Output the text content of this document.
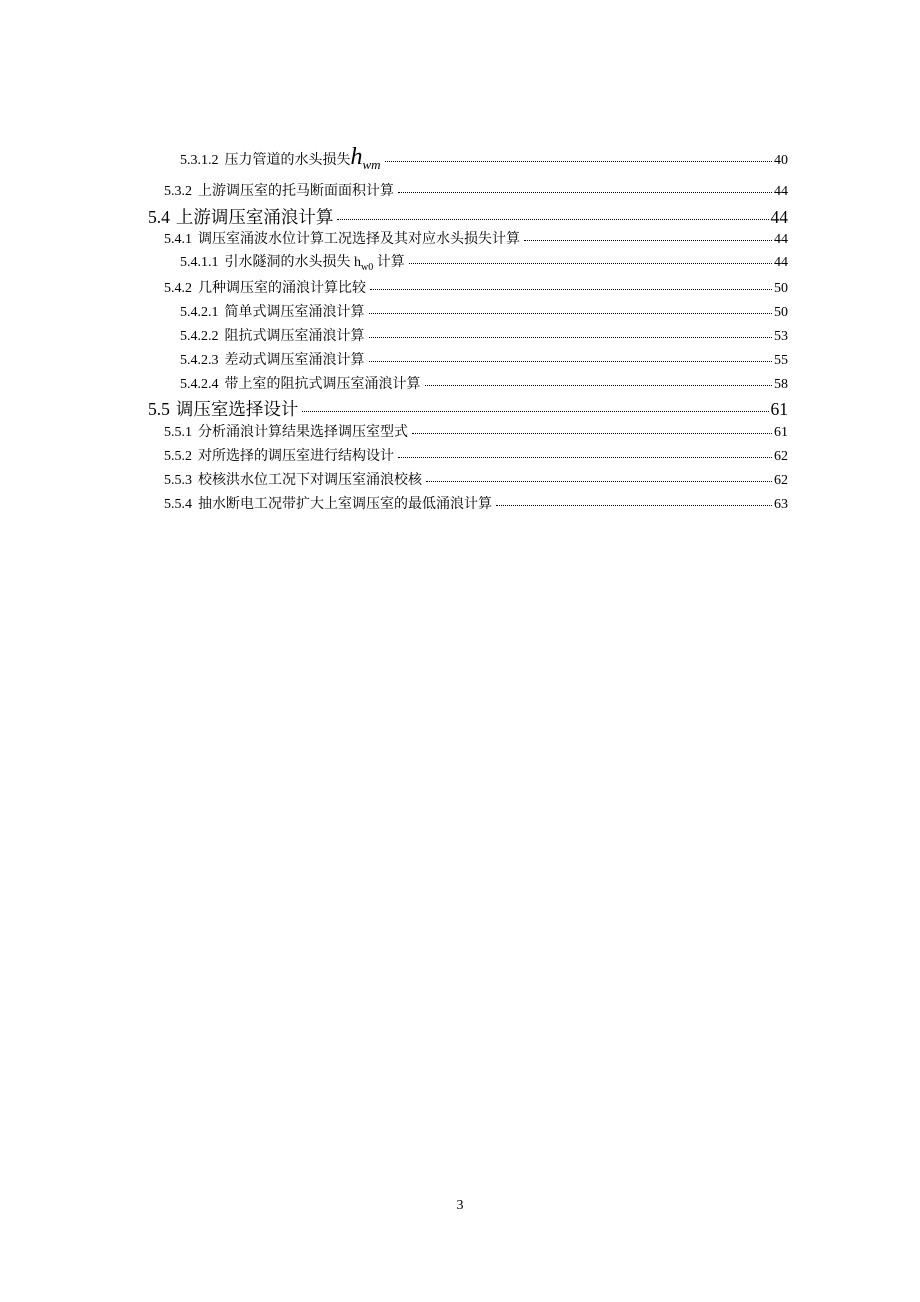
5.3.1.2 压力管道的水头损失hwm	40
5.3.2 上游调压室的托马断面面积计算	44
5.4 上游调压室涌浪计算	44
5.4.1 调压室涌波水位计算工况选择及其对应水头损失计算	44
5.4.1.1 引水隧洞的水头损失 $h_{w0}$ 计算	44
5.4.2 几种调压室的涌浪计算比较	50
5.4.2.1 简单式调压室涌浪计算	50
5.4.2.2 阻抗式调压室涌浪计算	53
5.4.2.3 差动式调压室涌浪计算	55
5.4.2.4 带上室的阻抗式调压室涌浪计算	58
5.5 调压室选择设计	61
5.5.1 分析涌浪计算结果选择调压室型式	61
5.5.2 对所选择的调压室进行结构设计	62
5.5.3 校核洪水位工况下对调压室涌浪校核	62
5.5.4 抽水断电工况带扩大上室调压室的最低涌浪计算	63
3
